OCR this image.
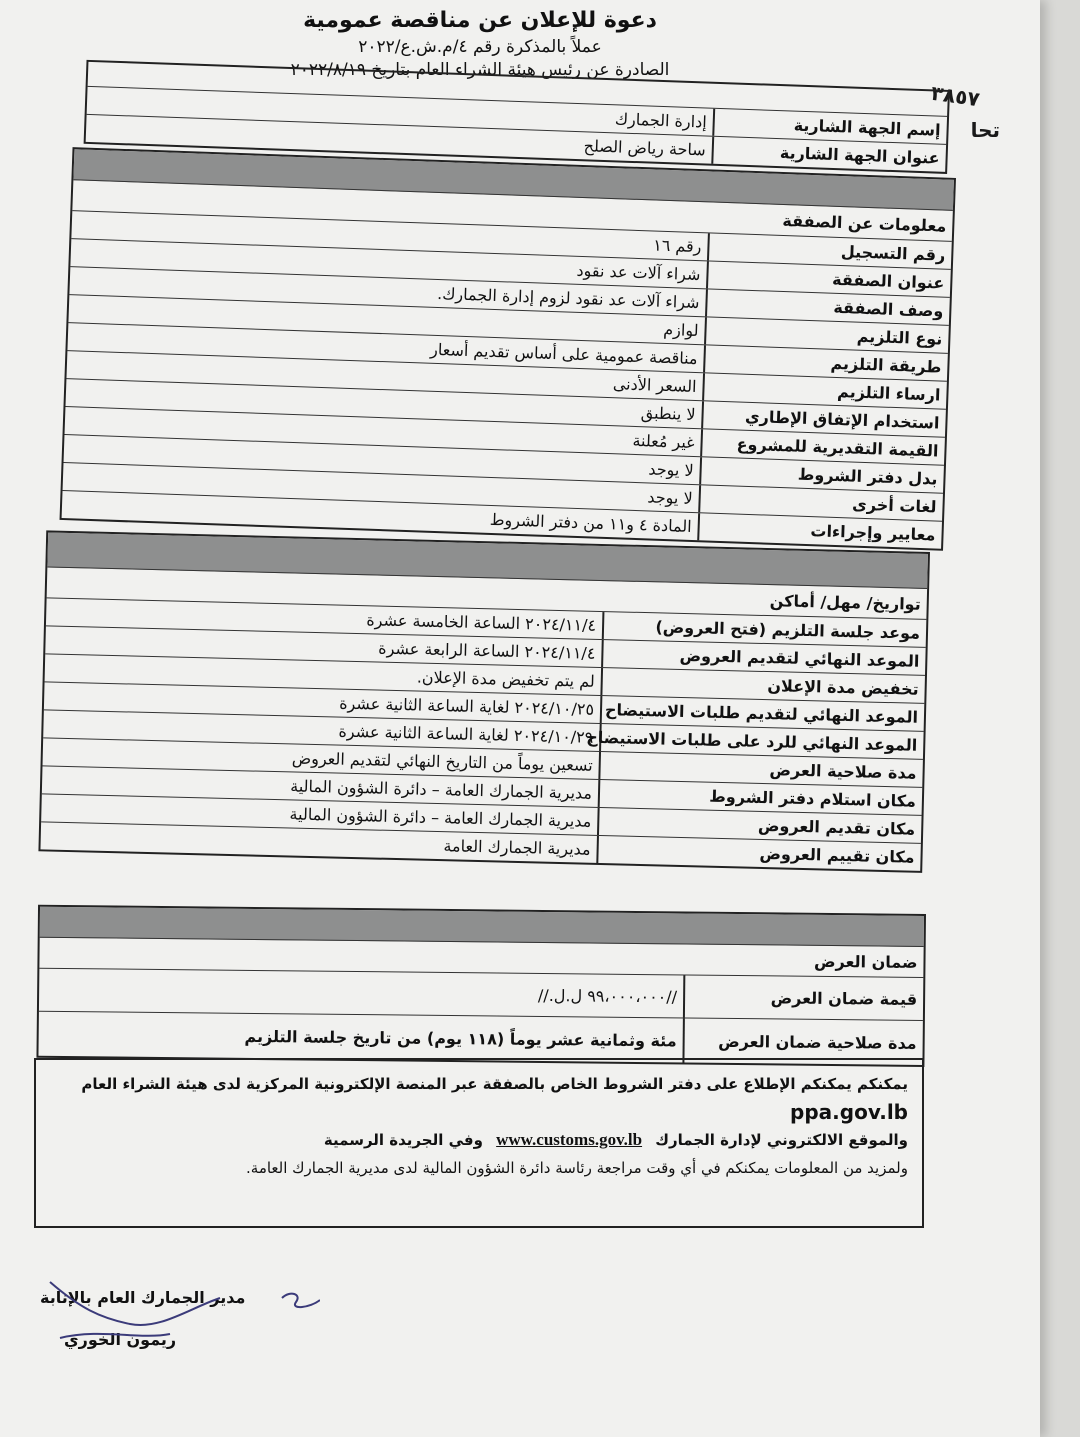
٣٨٥٧
تحا
دعوة للإعلان عن مناقصة عمومية
عملاً بالمذكرة رقم ٤/م.ش.ع/٢٠٢٢
الصادرة عن رئيس هيئة الشراء العام بتاريخ ٢٠٢٢/٨/١٩
إسم الجهة الشارية
إدارة الجمارك
عنوان الجهة الشارية
ساحة رياض الصلح
معلومات عن الصفقة
رقم التسجيل
رقم ١٦
عنوان الصفقة
شراء آلات عد نقود
وصف الصفقة
شراء آلات عد نقود لزوم إدارة الجمارك.
نوع التلزيم
لوازم
طريقة التلزيم
مناقصة عمومية على أساس تقديم أسعار
ارساء التلزيم
السعر الأدنى
استخدام الإتفاق الإطاري
لا ينطبق
القيمة التقديرية للمشروع
غير مُعلنة
بدل دفتر الشروط
لا يوجد
لغات أخرى
لا يوجد
معايير وإجراءات
المادة ٤ و١١ من دفتر الشروط
تواريخ/ مهل/ أماكن
موعد جلسة التلزيم (فتح العروض)
٢٠٢٤/١١/٤ الساعة الخامسة عشرة
الموعد النهائي لتقديم العروض
٢٠٢٤/١١/٤ الساعة الرابعة عشرة
تخفيض مدة الإعلان
لم يتم تخفيض مدة الإعلان.
الموعد النهائي لتقديم طلبات الاستيضاح
٢٠٢٤/١٠/٢٥ لغاية الساعة الثانية عشرة
الموعد النهائي للرد على طلبات الاستيضاح
٢٠٢٤/١٠/٢٩ لغاية الساعة الثانية عشرة
مدة صلاحية العرض
تسعين يوماً من التاريخ النهائي لتقديم العروض
مكان استلام دفتر الشروط
مديرية الجمارك العامة – دائرة الشؤون المالية
مكان تقديم العروض
مديرية الجمارك العامة – دائرة الشؤون المالية
مكان تقييم العروض
مديرية الجمارك العامة
ضمان العرض
قيمة ضمان العرض
//٩٩،٠٠٠،٠٠٠ ل.ل.//
مدة صلاحية ضمان العرض
مئة وثمانية عشر يوماً (١١٨ يوم) من تاريخ جلسة التلزيم
يمكنكم يمكنكم الإطلاع على دفتر الشروط الخاص بالصفقة عبر المنصة الإلكترونية المركزية لدى هيئة الشراء العام
ppa.gov.lb
والموقع الالكتروني لإدارة الجمارك www.customs.gov.lb وفي الجريدة الرسمية
ولمزيد من المعلومات يمكنكم في أي وقت مراجعة رئاسة دائرة الشؤون المالية لدى مديرية الجمارك العامة.
مدير الجمارك العام بالإنابة
ريمون الخوري
